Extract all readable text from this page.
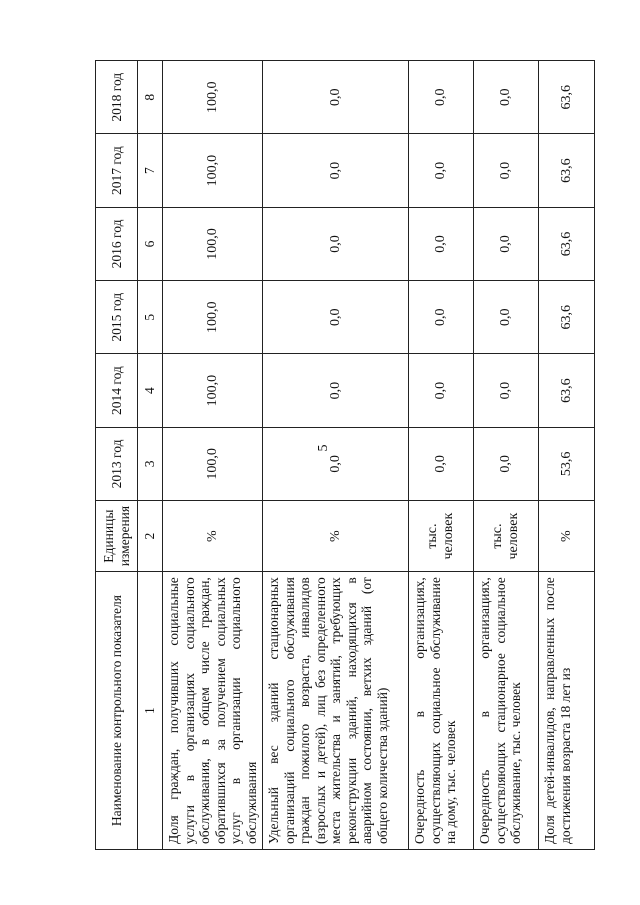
5
Наименование контрольного показателя	Единицы измерения	2013 год	2014 год	2015 год	2016 год	2017 год	2018 год
1	2	3	4	5	6	7	8
Доля граждан, получивших социальные услуги в организациях социального обслуживания, в общем числе граждан, обратившихся за получением социальных услуг в организации социального обслуживания	%	100,0	100,0	100,0	100,0	100,0	100,0
Удельный вес зданий стационарных организаций социального обслуживания граждан пожилого возраста, инвалидов (взрослых и детей), лиц без определенного места жительства и занятий, требующих реконструкции зданий, находящихся в аварийном состоянии, ветхих зданий (от общего количества зданий)	%	0,0	0,0	0,0	0,0	0,0	0,0
Очередность в организациях, осуществляющих социальное обслуживание на дому, тыс. человек	тыс. человек	0,0	0,0	0,0	0,0	0,0	0,0
Очередность в организациях, осуществляющих стационарное социальное обслуживание, тыс. человек	тыс. человек	0,0	0,0	0,0	0,0	0,0	0,0
Доля детей-инвалидов, направленных после достижения возраста 18 лет из	%	53,6	63,6	63,6	63,6	63,6	63,6
